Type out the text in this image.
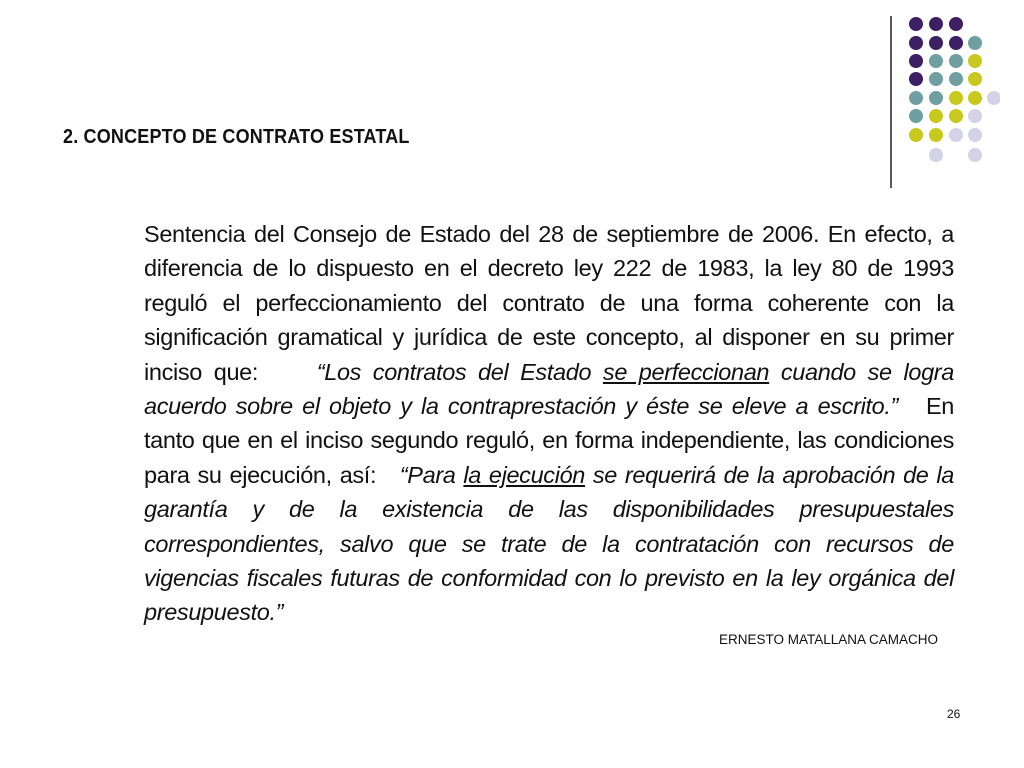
2. CONCEPTO DE CONTRATO ESTATAL
Sentencia del Consejo de Estado del 28 de septiembre de 2006. En efecto, a diferencia de lo dispuesto en el decreto ley 222 de 1983, la ley 80 de 1993 reguló el perfeccionamiento del contrato de una forma coherente con la significación gramatical y jurídica de este concepto, al disponer en su primer inciso que: “Los contratos del Estado se perfeccionan cuando se logra acuerdo sobre el objeto y la contraprestación y éste se eleve a escrito.” En tanto que en el inciso segundo reguló, en forma independiente, las condiciones para su ejecución, así: “Para la ejecución se requerirá de la aprobación de la garantía y de la existencia de las disponibilidades presupuestales correspondientes, salvo que se trate de la contratación con recursos de vigencias fiscales futuras de conformidad con lo previsto en la ley orgánica del presupuesto.”
ERNESTO MATALLANA CAMACHO
26
